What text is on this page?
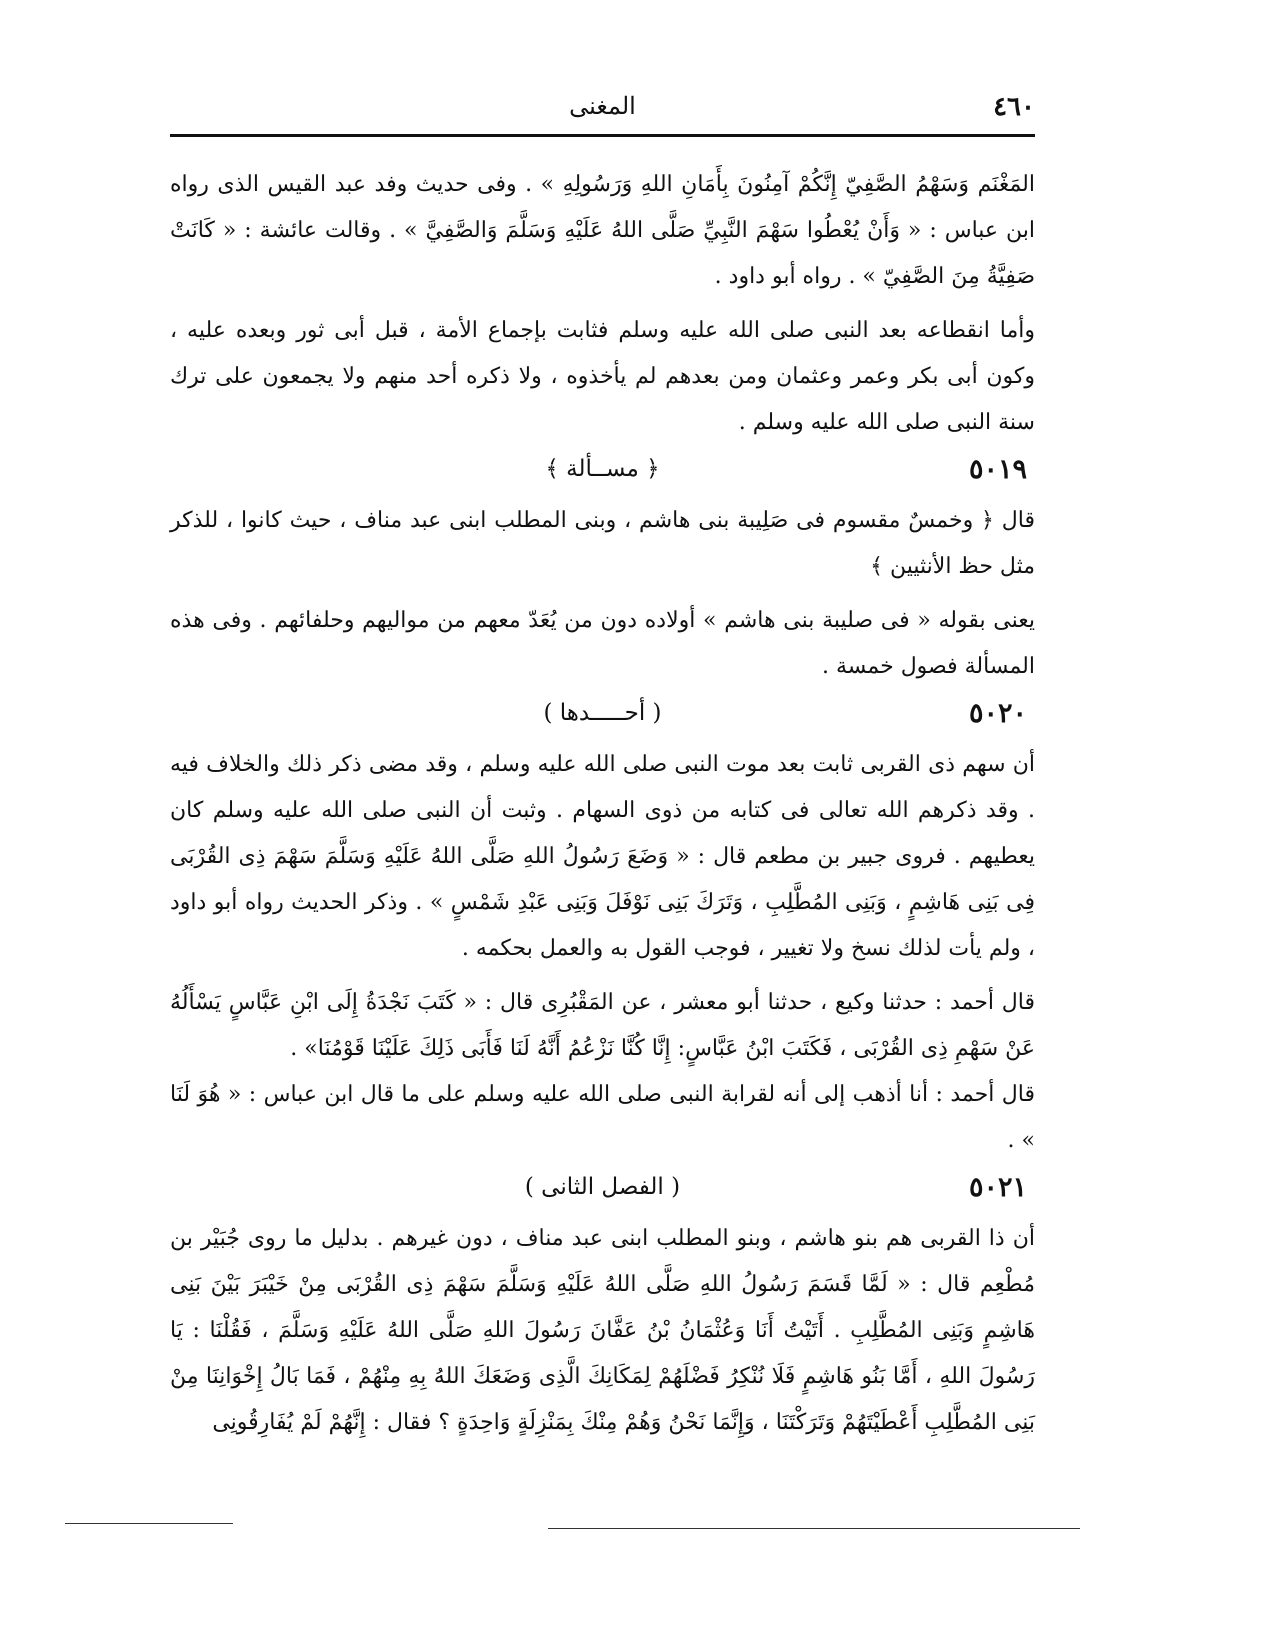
٤٦٠
المغنى

المَغْنَم وَسَهْمُ الصَّفِيّ إِنَّكُمْ آمِنُونَ بِأَمَانِ اللهِ وَرَسُولِهِ » . وفى حديث وفد عبد القيس الذى رواه ابن عباس : « وَأَنْ يُعْطُوا سَهْمَ النَّبِيِّ صَلَّى اللهُ عَلَيْهِ وَسَلَّمَ وَالصَّفِيَّ » . وقالت عائشة : « كَانَتْ صَفِيَّةُ مِنَ الصَّفِيّ » . رواه أبو داود .

وأما انقطاعه بعد النبى صلى الله عليه وسلم فثابت بإجماع الأمة ، قبل أبى ثور وبعده عليه ، وكون أبى بكر وعمر وعثمان ومن بعدهم لم يأخذوه ، ولا ذكره أحد منهم ولا يجمعون على ترك سنة النبى صلى الله عليه وسلم .

٥٠١٩
﴿ مســألة ﴾

قال ﴿ وخمسٌ مقسوم فى صَلِيبة بنى هاشم ، وبنى المطلب ابنى عبد مناف ، حيث كانوا ، للذكر مثل حظ الأنثيين ﴾

يعنى بقوله « فى صليبة بنى هاشم » أولاده دون من يُعَدّ معهم من مواليهم وحلفائهم . وفى هذه المسألة فصول خمسة .

٥٠٢٠
( أحـــــدها )

أن سهم ذى القربى ثابت بعد موت النبى صلى الله عليه وسلم ، وقد مضى ذكر ذلك والخلاف فيه . وقد ذكرهم الله تعالى فى كتابه من ذوى السهام . وثبت أن النبى صلى الله عليه وسلم كان يعطيهم . فروى جبير بن مطعم قال : « وَضَعَ رَسُولُ اللهِ صَلَّى اللهُ عَلَيْهِ وَسَلَّمَ سَهْمَ ذِى القُرْبَى فِى بَنِى هَاشِمٍ ، وَبَنِى المُطَّلِبِ ، وَتَرَكَ بَنِى نَوْفَلَ وَبَنِى عَبْدِ شَمْسٍ » . وذكر الحديث رواه أبو داود ، ولم يأت لذلك نسخ ولا تغيير ، فوجب القول به والعمل بحكمه .

قال أحمد : حدثنا وكيع ، حدثنا أبو معشر ، عن المَقْبُرِى قال : « كَتَبَ نَجْدَةُ إِلَى ابْنِ عَبَّاسٍ يَسْأَلُهُ عَنْ سَهْمِ ذِى القُرْبَى ، فَكَتَبَ ابْنُ عَبَّاسٍ: إِنَّا كُنَّا نَزْعُمُ أَنَّهُ لَنَا فَأَبَى ذَلِكَ عَلَيْنَا قَوْمُنَا» .

قال أحمد : أنا أذهب إلى أنه لقرابة النبى صلى الله عليه وسلم على ما قال ابن عباس : « هُوَ لَنَا » .

٥٠٢١
( الفصل الثانى )

أن ذا القربى هم بنو هاشم ، وبنو المطلب ابنى عبد مناف ، دون غيرهم . بدليل ما روى جُبَيْر بن مُطْعِم قال : « لَمَّا قَسَمَ رَسُولُ اللهِ صَلَّى اللهُ عَلَيْهِ وَسَلَّمَ سَهْمَ ذِى القُرْبَى مِنْ خَيْبَرَ بَيْنَ بَنِى هَاشِمٍ وَبَنِى المُطَّلِبِ . أَتَيْتُ أَنَا وَعُثْمَانُ بْنُ عَفَّانَ رَسُولَ اللهِ صَلَّى اللهُ عَلَيْهِ وَسَلَّمَ ، فَقُلْنَا : يَا رَسُولَ اللهِ ، أَمَّا بَنُو هَاشِمٍ فَلَا نُنْكِرُ فَضْلَهُمْ لِمَكَانِكَ الَّذِى وَضَعَكَ اللهُ بِهِ مِنْهُمْ ، فَمَا بَالُ إِخْوَانِنَا مِنْ بَنِى المُطَّلِبِ أَعْطَيْتَهُمْ وَتَرَكْتَنَا ، وَإِنَّمَا نَحْنُ وَهُمْ مِنْكَ بِمَنْزِلَةٍ وَاحِدَةٍ ؟ فقال : إِنَّهُمْ لَمْ يُفَارِقُونِى
